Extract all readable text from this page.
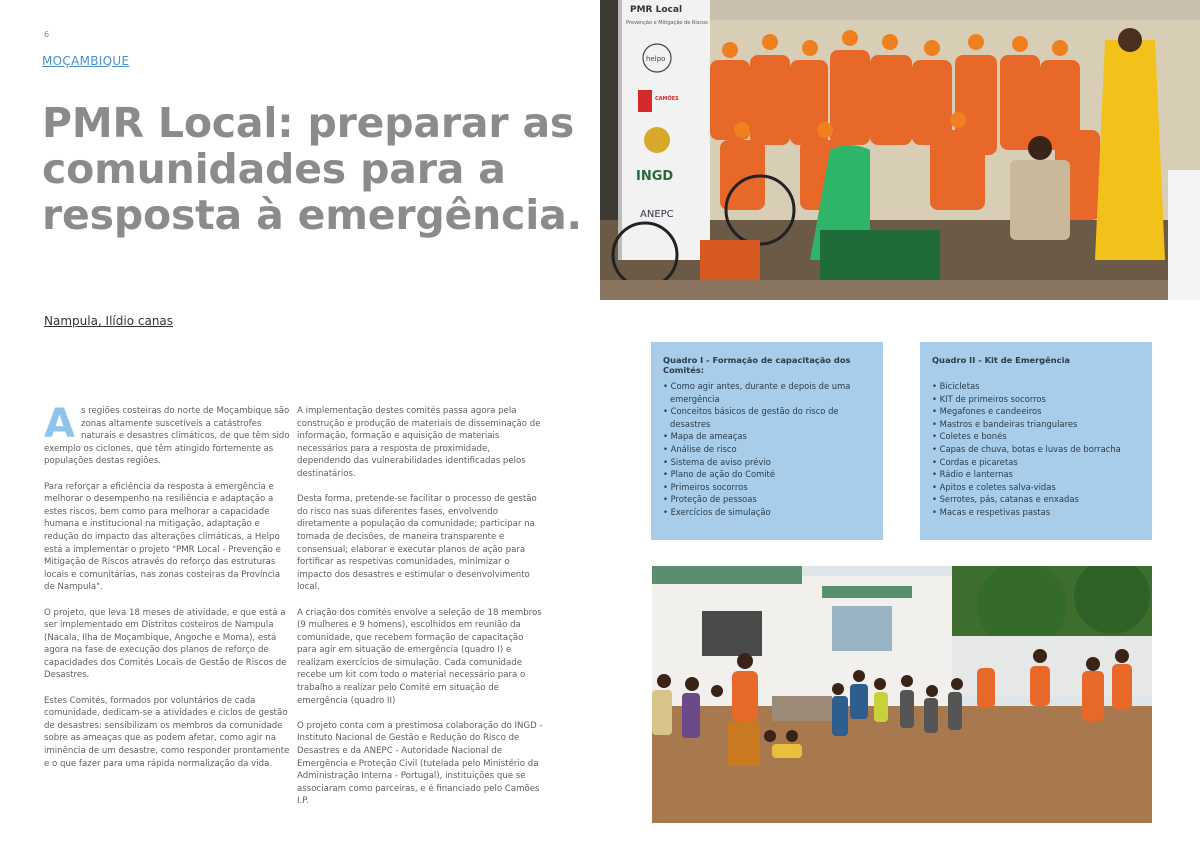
6
MOÇAMBIQUE
PMR Local: preparar as comunidades para a resposta à emergência.
Nampula, Ilídio canas

As regiões costeiras do norte de Moçambique são zonas altamente suscetíveis a catástrofes naturais e desastres climáticos, de que têm sido exemplo os ciclones, que têm atingido fortemente as populações destas regiões.

Para reforçar a eficiência da resposta à emergência e melhorar o desempenho na resiliência e adaptação a estes riscos, bem como para melhorar a capacidade humana e institucional na mitigação, adaptação e redução do impacto das alterações climáticas, a Helpo está a implementar o projeto "PMR Local - Prevenção e Mitigação de Riscos através do reforço das estruturas locais e comunitárias, nas zonas costeiras da Província de Nampula".

O projeto, que leva 18 meses de atividade, e que está a ser implementado em Distritos costeiros de Nampula (Nacala, Ilha de Moçambique, Angoche e Moma), está agora na fase de execução dos planos de reforço de capacidades dos Comités Locais de Gestão de Riscos de Desastres.

Estes Comités, formados por voluntários de cada comunidade, dedicam-se a atividades e ciclos de gestão de desastres: sensibilizam os membros da comunidade sobre as ameaças que as podem afetar, como agir na iminência de um desastre, como responder prontamente e o que fazer para uma rápida normalização da vida.

A implementação destes comités passa agora pela construção e produção de materiais de disseminação de informação, formação e aquisição de materiais necessários para a resposta de proximidade, dependendo das vulnerabilidades identificadas pelos destinatários.

Desta forma, pretende-se facilitar o processo de gestão do risco nas suas diferentes fases, envolvendo diretamente a população da comunidade; participar na tomada de decisões, de maneira transparente e consensual; elaborar e executar planos de ação para fortificar as respetivas comunidades, minimizar o impacto dos desastres e estimular o desenvolvimento local.

A criação dos comités envolve a seleção de 18 membros (9 mulheres e 9 homens), escolhidos em reunião da comunidade, que recebem formação de capacitação para agir em situação de emergência (quadro I) e realizam exercícios de simulação. Cada comunidade recebe um kit com todo o material necessário para o trabalho a realizar pelo Comité em situação de emergência (quadro II)

O projeto conta com a prestimosa colaboração do INGD - Instituto Nacional de Gestão e Redução do Risco de Desastres e da ANEPC - Autoridade Nacional de Emergência e Proteção Civil (tutelada pelo Ministério da Administração Interna - Portugal), instituições que se associaram como parceiras, e é financiado pelo Camões I.P.

PMR Local
Prevenção e Mitigação de Riscos
helpo
CAMÕES
INGD
ANEPC
Quadro I - Formação de capacitação dos Comités:
• Como agir antes, durante e depois de uma emergência
• Conceitos básicos de gestão do risco de desastres
• Mapa de ameaças
• Análise de risco
• Sistema de aviso prévio
• Plano de ação do Comité
• Primeiros socorros
• Proteção de pessoas
• Exercícios de simulação
Quadro II - Kit de Emergência
• Bicicletas
• KIT de primeiros socorros
• Megafones e candeeiros
• Mastros e bandeiras triangulares
• Coletes e bonés
• Capas de chuva, botas e luvas de borracha
• Cordas e picaretas
• Rádio e lanternas
• Apitos e coletes salva-vidas
• Serrotes, pás, catanas e enxadas
• Macas e respetivas pastas
